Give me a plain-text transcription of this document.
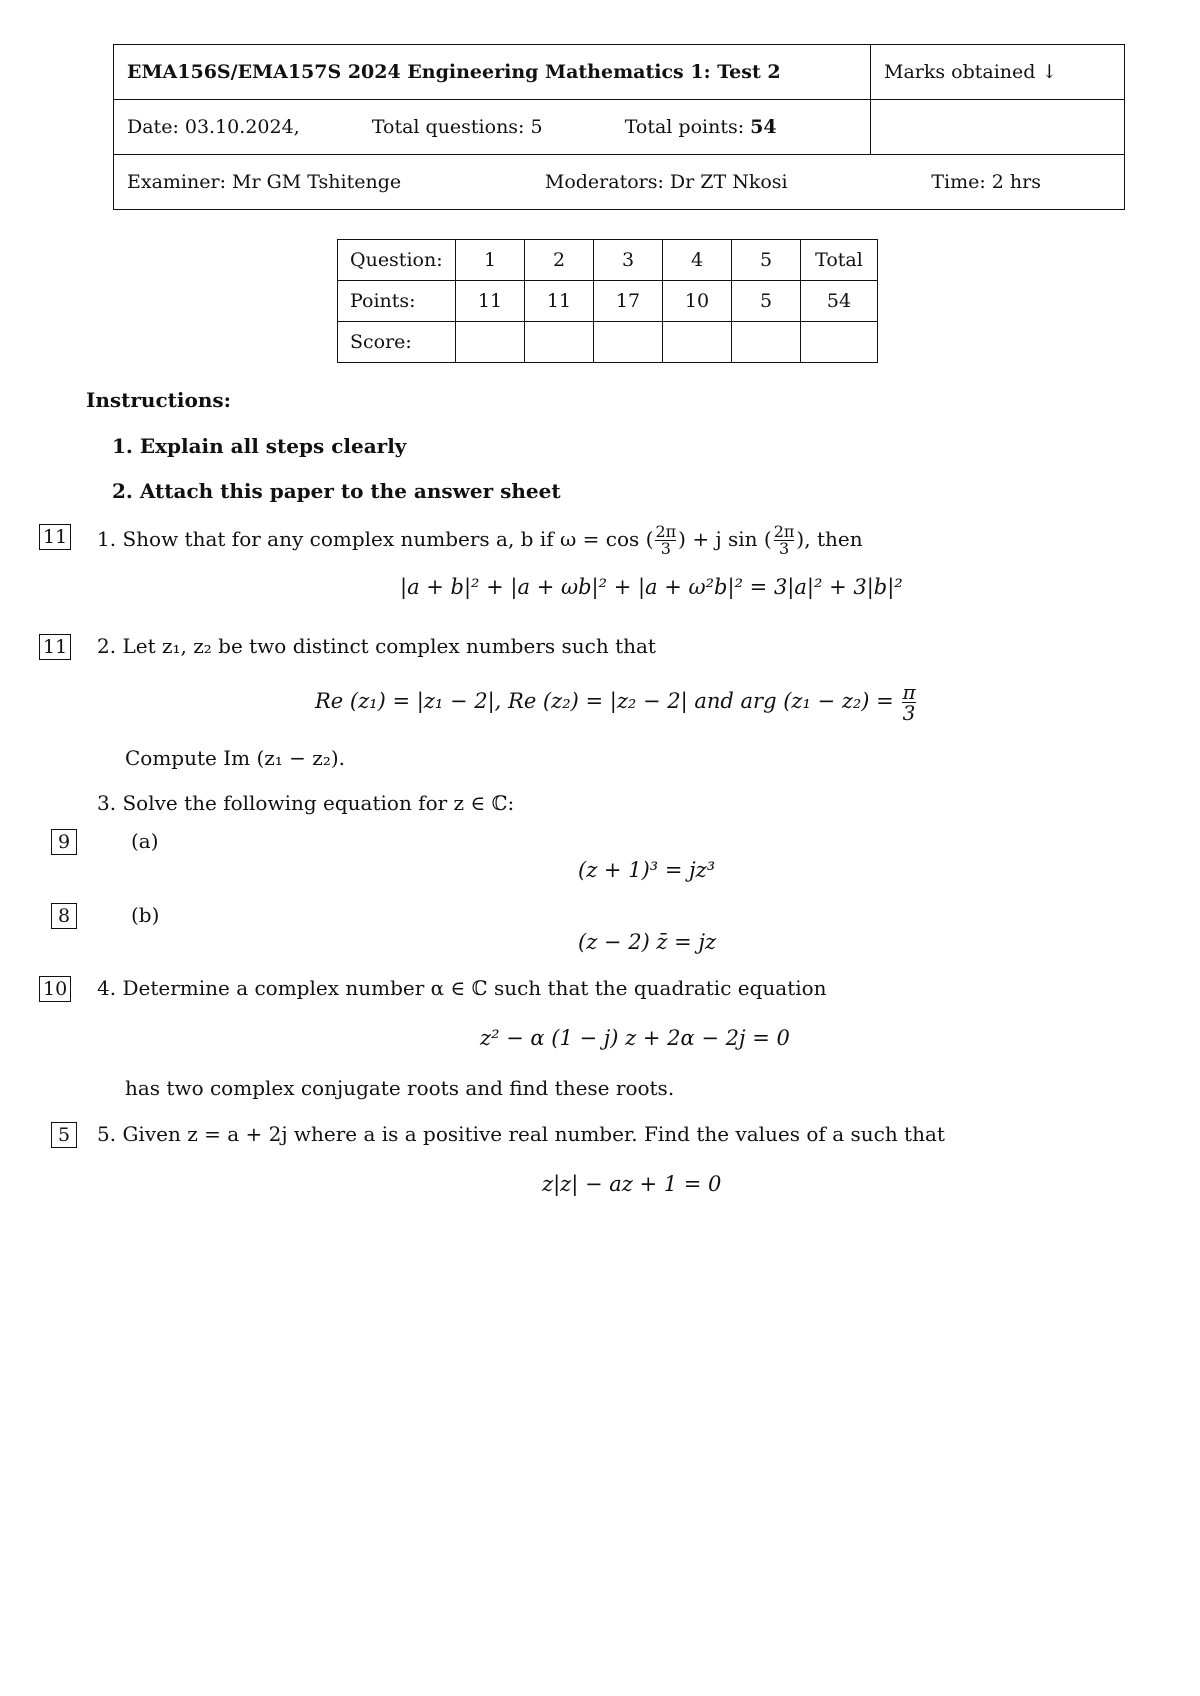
EMA156S/EMA157S 2024 Engineering Mathematics 1: Test 2	Marks obtained ↓
Date: 03.10.2024, Total questions: 5 Total points: 54	

Examiner: Mr GM Tshitenge Moderators: Dr ZT Nkosi Time: 2 hrs	
Question:	1	2	3	4	5	Total
Points:	11	11	17	10	5	54
Score:						
Instructions:
1. Explain all steps clearly
2. Attach this paper to the answer sheet
11 1. Show that for any complex numbers a, b if ω = cos ( $\frac{2\pi}{3}$ ) + j sin ( $\frac{2\pi}{3}$ ), then
|a + b|² + |a + ωb|² + |a + ω²b|² = 3|a|² + 3|b|²
11 2. Let z₁, z₂ be two distinct complex numbers such that
Re (z₁) = |z₁ − 2|, Re (z₂) = |z₂ − 2| and arg $(z_1 - z_2) = \frac{\pi}{3}$
Compute Im (z₁ − z₂).
3. Solve the following equation for z ∈ ℂ:
9	(a)
(z + 1)³ = jz³
8	(b)
(z − 2) z̄ = jz
10 4. Determine a complex number α ∈ ℂ such that the quadratic equation
z² − α (1 − j) z + 2α − 2j = 0
has two complex conjugate roots and find these roots.
5	5. Given z = a + 2j where a is a positive real number. Find the values of a such that
z|z| − az + 1 = 0
